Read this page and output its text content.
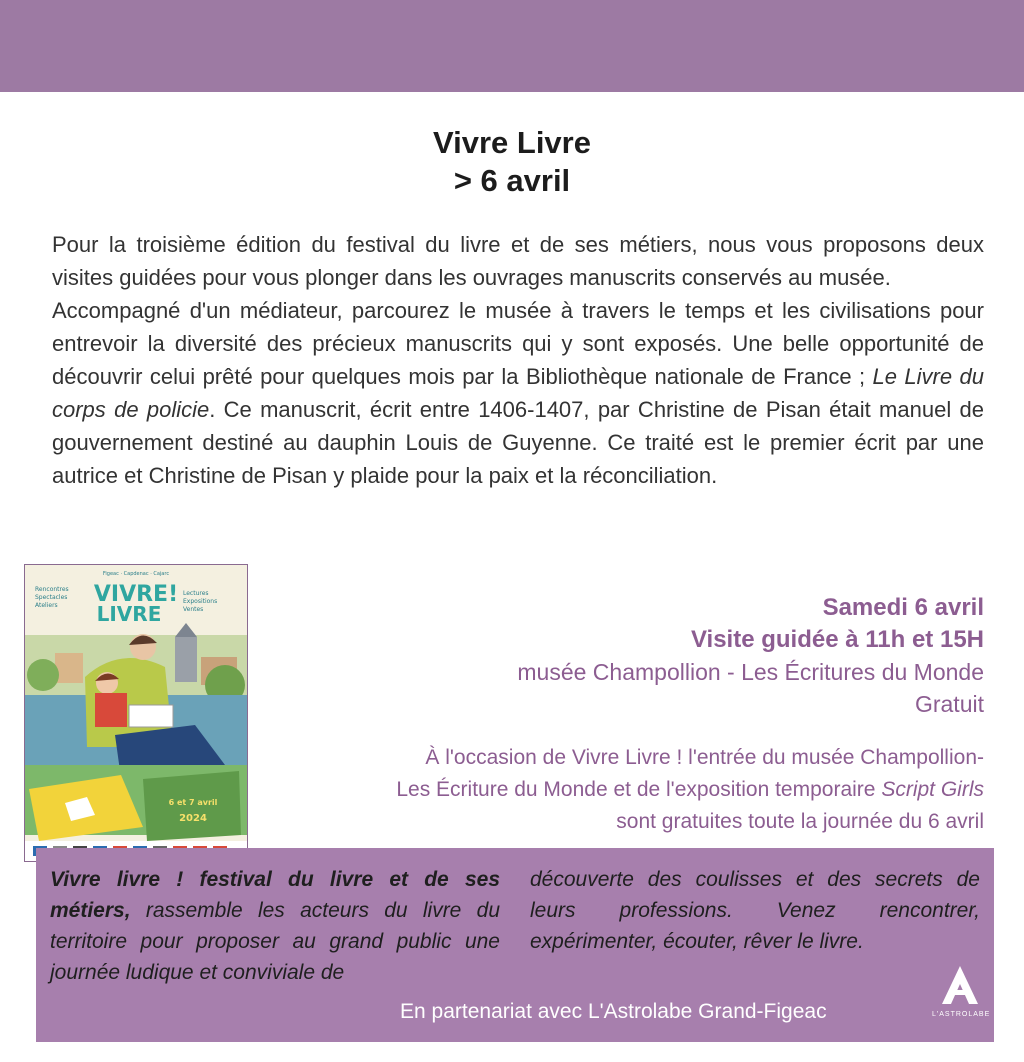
Vivre Livre
> 6 avril

Pour la troisième édition du festival du livre et de ses métiers, nous vous proposons deux visites guidées pour vous plonger dans les ouvrages manuscrits conservés au musée.

Accompagné d'un médiateur, parcourez le musée à travers le temps et les civilisations pour entrevoir la diversité des précieux manuscrits qui y sont exposés. Une belle opportunité de découvrir celui prêté pour quelques mois par la Bibliothèque nationale de France ; Le Livre du corps de policie. Ce manuscrit, écrit entre 1406-1407, par Christine de Pisan était manuel de gouvernement destiné au dauphin Louis de Guyenne. Ce traité est le premier écrit par une autrice et Christine de Pisan y plaide pour la paix et la réconciliation.

Figeac · Capdenac · Cajarc
VIVRE!
LIVRE
Rencontres
Spectacles
Ateliers
Lectures
Expositions
Ventes
6 et 7 avril
2024
Samedi 6 avril
Visite guidée à 11h et 15H
musée Champollion - Les Écritures du Monde
Gratuit
À l'occasion de Vivre Livre ! l'entrée du musée Champollion-
Les Écriture du Monde et de l'exposition temporaire Script Girls
sont gratuites toute la journée du 6 avril
Vivre livre ! festival du livre et de ses métiers, rassemble les acteurs du livre du territoire pour proposer au grand public une journée ludique et conviviale de
découverte des coulisses et des secrets de leurs professions. Venez rencontrer, expérimenter, écouter, rêver le livre.
En partenariat avec L'Astrolabe Grand-Figeac	L'ASTROLABE
